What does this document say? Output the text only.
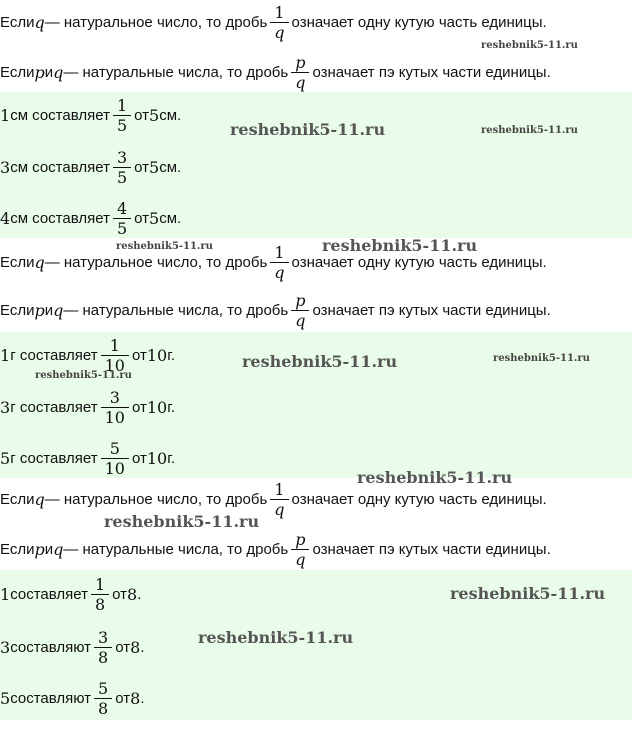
Если q — натуральное число, то дробь $\frac{1}{q}$ означает одну кутую часть единицы.
Если p и q — натуральные числа, то дробь $\frac{p}{q}$ означает пэ кутых части единицы.
1 см составляет $\frac{1}{5}$ от 5 см.
3 см составляет $\frac{3}{5}$ от 5 см.
4 см составляет $\frac{4}{5}$ от 5 см.
Если q — натуральное число, то дробь $\frac{1}{q}$ означает одну кутую часть единицы.
Если p и q — натуральные числа, то дробь $\frac{p}{q}$ означает пэ кутых части единицы.
1 г составляет $\frac{1}{10}$ от 10 г.
3 г составляет $\frac{3}{10}$ от 10 г.
5 г составляет $\frac{5}{10}$ от 10 г.
Если q — натуральное число, то дробь $\frac{1}{q}$ означает одну кутую часть единицы.
Если p и q — натуральные числа, то дробь $\frac{p}{q}$ означает пэ кутых части единицы.
1 составляет $\frac{1}{8}$ от 8 .
3 составляют $\frac{3}{8}$ от 8 .
5 составляют $\frac{5}{8}$ от 8 .
reshebnik5-11.ru
reshebnik5-11.ru	reshebnik5-11.ru
reshebnik5-11.ru	reshebnik5-11.ru
reshebnik5-11.ru	reshebnik5-11.ru
reshebnik5-11.ru
reshebnik5-11.ru
reshebnik5-11.ru
reshebnik5-11.ru
reshebnik5-11.ru
